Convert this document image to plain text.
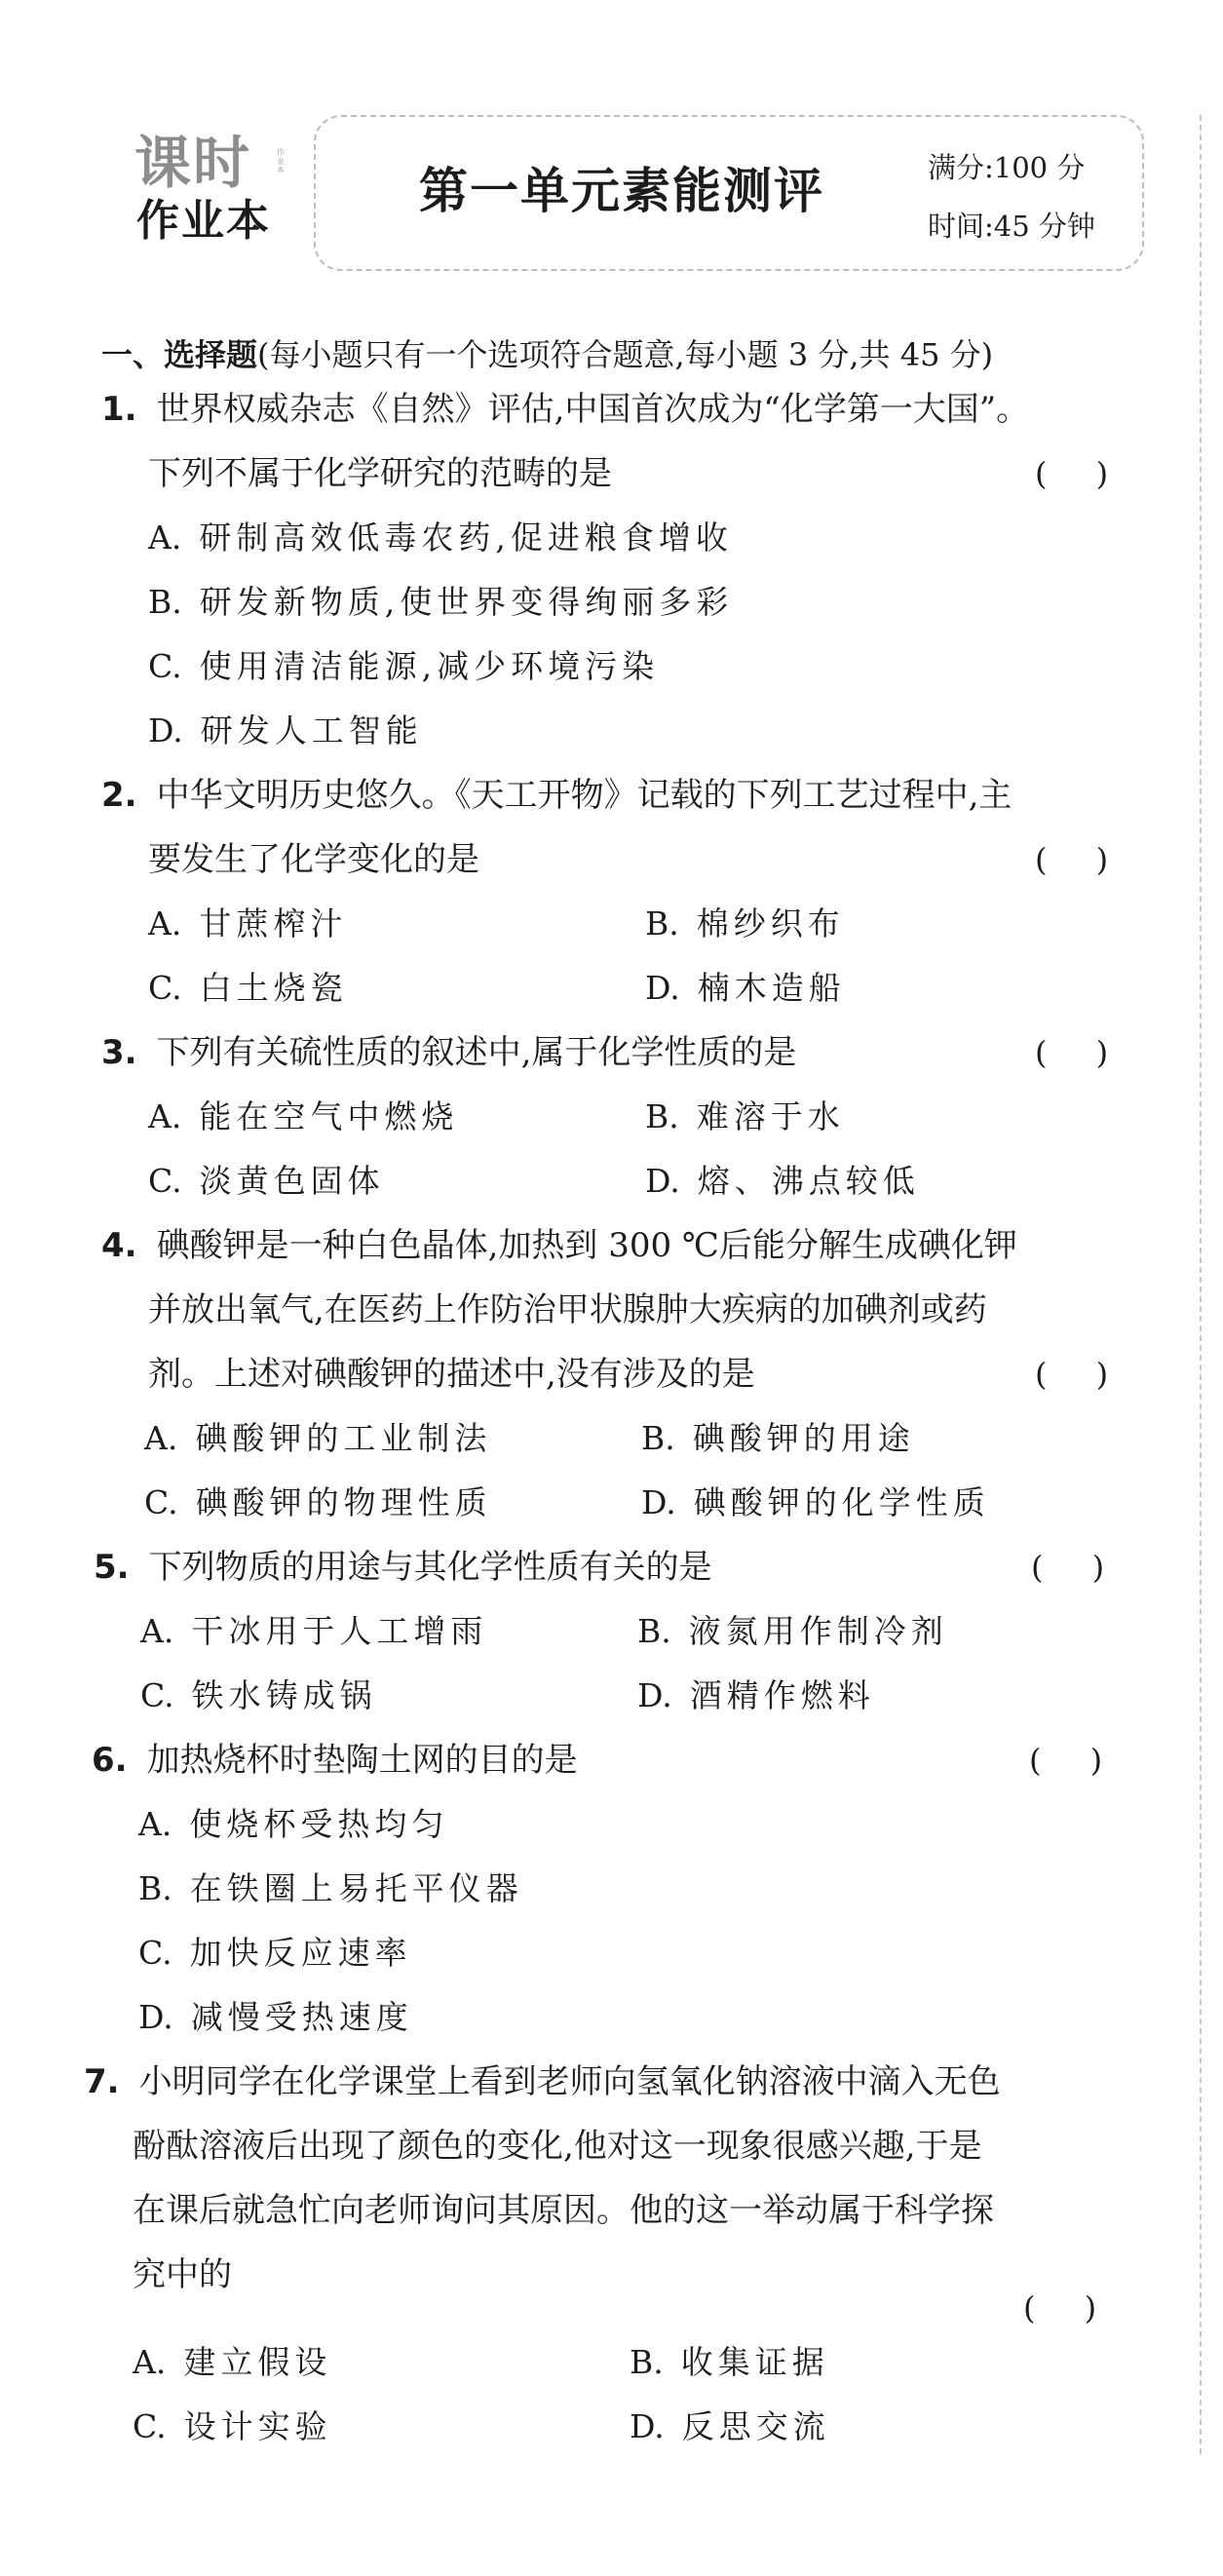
课时	作业本
作业本
第一单元素能测评	满分:100 分
时间:45 分钟
一、选择题(每小题只有一个选项符合题意,每小题 3 分,共 45 分)
1. 世界权威杂志《自然》评估,中国首次成为“化学第一大国”。
下列不属于化学研究的范畴的是	( )
A. 研制高效低毒农药,促进粮食增收
B. 研发新物质,使世界变得绚丽多彩
C. 使用清洁能源,减少环境污染
D. 研发人工智能
2. 中华文明历史悠久。《天工开物》记载的下列工艺过程中,主
要发生了化学变化的是	( )
A. 甘蔗榨汁	B. 棉纱织布
C. 白土烧瓷	D. 楠木造船
3. 下列有关硫性质的叙述中,属于化学性质的是	( )
A. 能在空气中燃烧	B. 难溶于水
C. 淡黄色固体	D. 熔、沸点较低
4. 碘酸钾是一种白色晶体,加热到 300 ℃后能分解生成碘化钾
并放出氧气,在医药上作防治甲状腺肿大疾病的加碘剂或药
剂。上述对碘酸钾的描述中,没有涉及的是	( )
A. 碘酸钾的工业制法	B. 碘酸钾的用途
C. 碘酸钾的物理性质	D. 碘酸钾的化学性质
5. 下列物质的用途与其化学性质有关的是	( )
A. 干冰用于人工增雨	B. 液氮用作制冷剂
C. 铁水铸成锅	D. 酒精作燃料
6. 加热烧杯时垫陶土网的目的是	( )
A. 使烧杯受热均匀
B. 在铁圈上易托平仪器
C. 加快反应速率
D. 减慢受热速度
7. 小明同学在化学课堂上看到老师向氢氧化钠溶液中滴入无色
酚酞溶液后出现了颜色的变化,他对这一现象很感兴趣,于是
在课后就急忙向老师询问其原因。他的这一举动属于科学探
究中的
( )
A. 建立假设	B. 收集证据
C. 设计实验	D. 反思交流
